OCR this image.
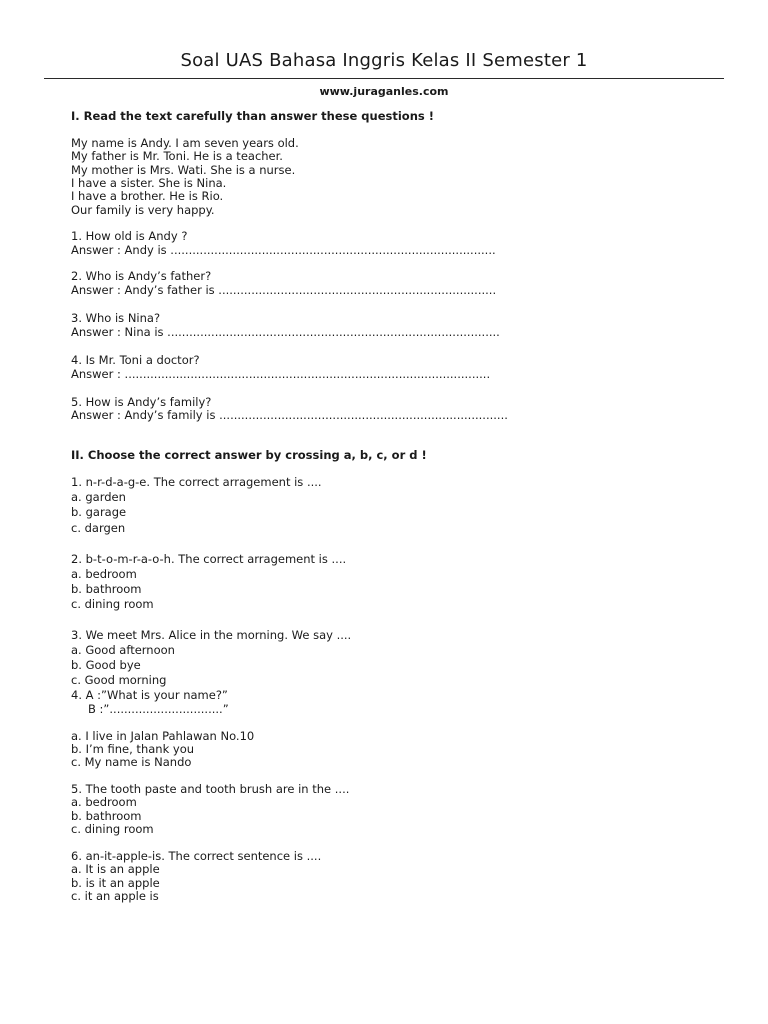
Soal UAS Bahasa Inggris Kelas II Semester 1
www.juraganles.com
I. Read the text carefully than answer these questions !
My name is Andy. I am seven years old.
My father is Mr. Toni. He is a teacher.
My mother is Mrs. Wati. She is a nurse.
I have a sister. She is Nina.
I have a brother. He is Rio.
Our family is very happy.
1. How old is Andy ?
Answer : Andy is .........................................................................................
2. Who is Andy’s father?
Answer : Andy’s father is ............................................................................
3. Who is Nina?
Answer : Nina is ...........................................................................................
4. Is Mr. Toni a doctor?
Answer : ....................................................................................................
5. How is Andy’s family?
Answer : Andy’s family is ...............................................................................
II. Choose the correct answer by crossing a, b, c, or d !
1. n-r-d-a-g-e. The correct arragement is ....
a. garden
b. garage
c. dargen
2. b-t-o-m-r-a-o-h. The correct arragement is ....
a. bedroom
b. bathroom
c. dining room
3. We meet Mrs. Alice in the morning. We say ....
a. Good afternoon
b. Good bye
c. Good morning
4. A :”What is your name?”
B :”...............................”
a. I live in Jalan Pahlawan No.10
b. I’m fine, thank you
c. My name is Nando
5. The tooth paste and tooth brush are in the ....
a. bedroom
b. bathroom
c. dining room
6. an-it-apple-is. The correct sentence is ....
a. It is an apple
b. is it an apple
c. it an apple is
